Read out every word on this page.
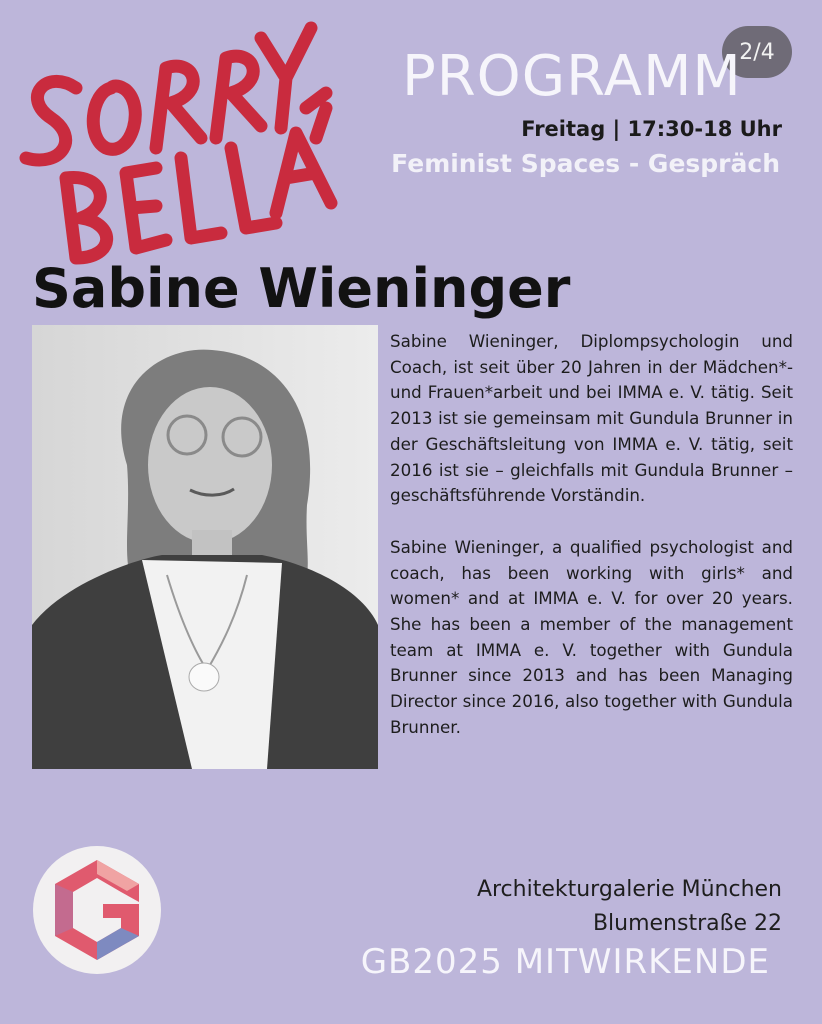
2/4
PROGRAMM
Freitag | 17:30-18 Uhr
Feminist Spaces - Gespräch
Sabine Wieninger

Sabine Wieninger, Diplompsychologin und Coach, ist seit über 20 Jahren in der Mädchen*- und Frauen*arbeit und bei IMMA e. V. tätig. Seit 2013 ist sie gemeinsam mit Gundula Brunner in der Geschäftsleitung von IMMA e. V. tätig, seit 2016 ist sie – gleichfalls mit Gundula Brunner – geschäftsführende Vorständin.

Sabine Wieninger, a qualified psychologist and coach, has been working with girls* and women* and at IMMA e. V. for over 20 years. She has been a member of the management team at IMMA e. V. together with Gundula Brunner since 2013 and has been Managing Director since 2016, also together with Gundula Brunner.

Architekturgalerie München
Blumenstraße 22
GB2025 MITWIRKENDE
